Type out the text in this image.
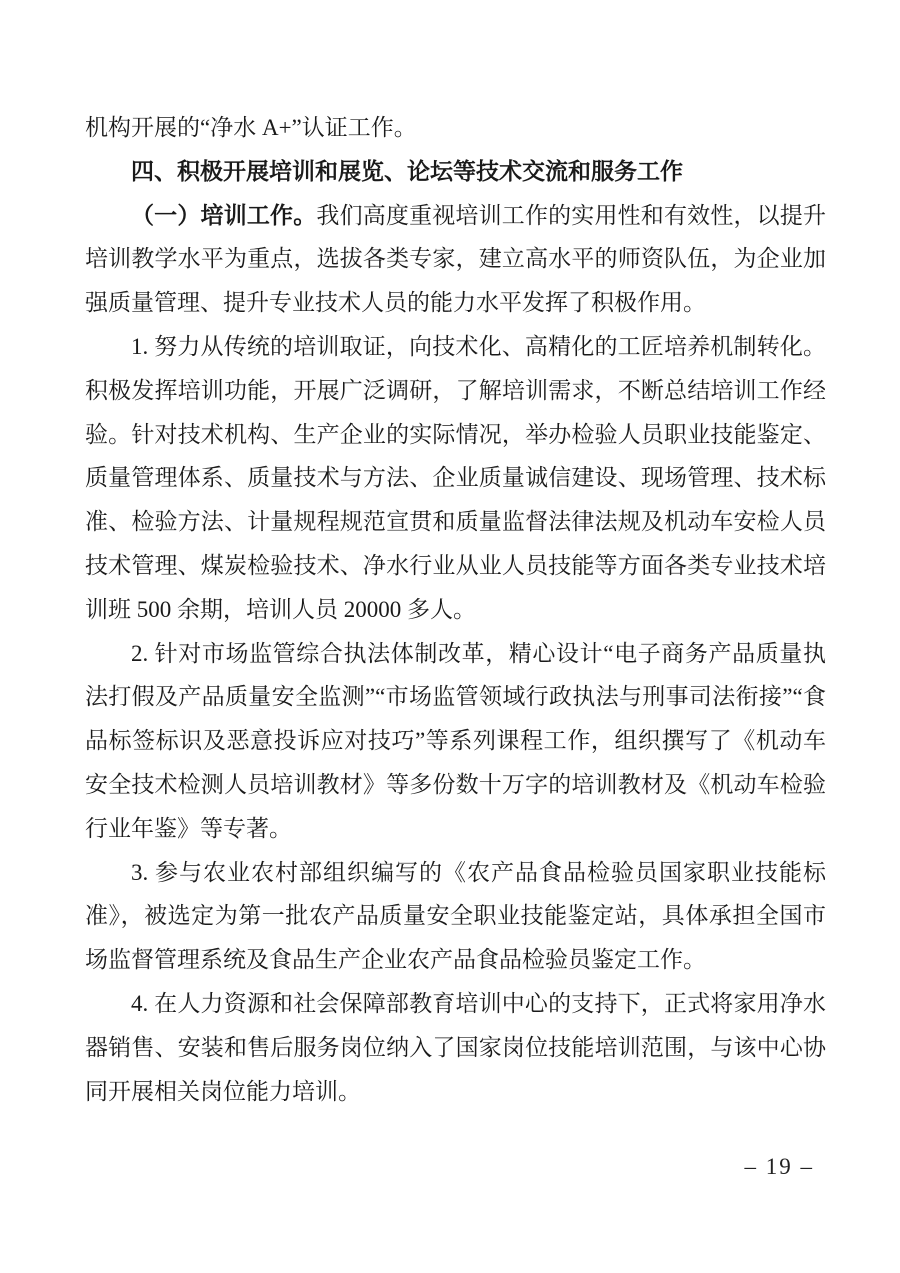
机构开展的“净水 A+”认证工作。

四、积极开展培训和展览、论坛等技术交流和服务工作

（一）培训工作。我们高度重视培训工作的实用性和有效性，以提升培训教学水平为重点，选拔各类专家，建立高水平的师资队伍，为企业加强质量管理、提升专业技术人员的能力水平发挥了积极作用。

1. 努力从传统的培训取证，向技术化、高精化的工匠培养机制转化。积极发挥培训功能，开展广泛调研，了解培训需求，不断总结培训工作经验。针对技术机构、生产企业的实际情况，举办检验人员职业技能鉴定、质量管理体系、质量技术与方法、企业质量诚信建设、现场管理、技术标准、检验方法、计量规程规范宣贯和质量监督法律法规及机动车安检人员技术管理、煤炭检验技术、净水行业从业人员技能等方面各类专业技术培训班 500 余期，培训人员 20000 多人。

2. 针对市场监管综合执法体制改革，精心设计“电子商务产品质量执法打假及产品质量安全监测”“市场监管领域行政执法与刑事司法衔接”“食品标签标识及恶意投诉应对技巧”等系列课程工作，组织撰写了《机动车安全技术检测人员培训教材》等多份数十万字的培训教材及《机动车检验行业年鉴》等专著。

3. 参与农业农村部组织编写的《农产品食品检验员国家职业技能标准》，被选定为第一批农产品质量安全职业技能鉴定站，具体承担全国市场监督管理系统及食品生产企业农产品食品检验员鉴定工作。

4. 在人力资源和社会保障部教育培训中心的支持下，正式将家用净水器销售、安装和售后服务岗位纳入了国家岗位技能培训范围，与该中心协同开展相关岗位能力培训。

– 19 –
